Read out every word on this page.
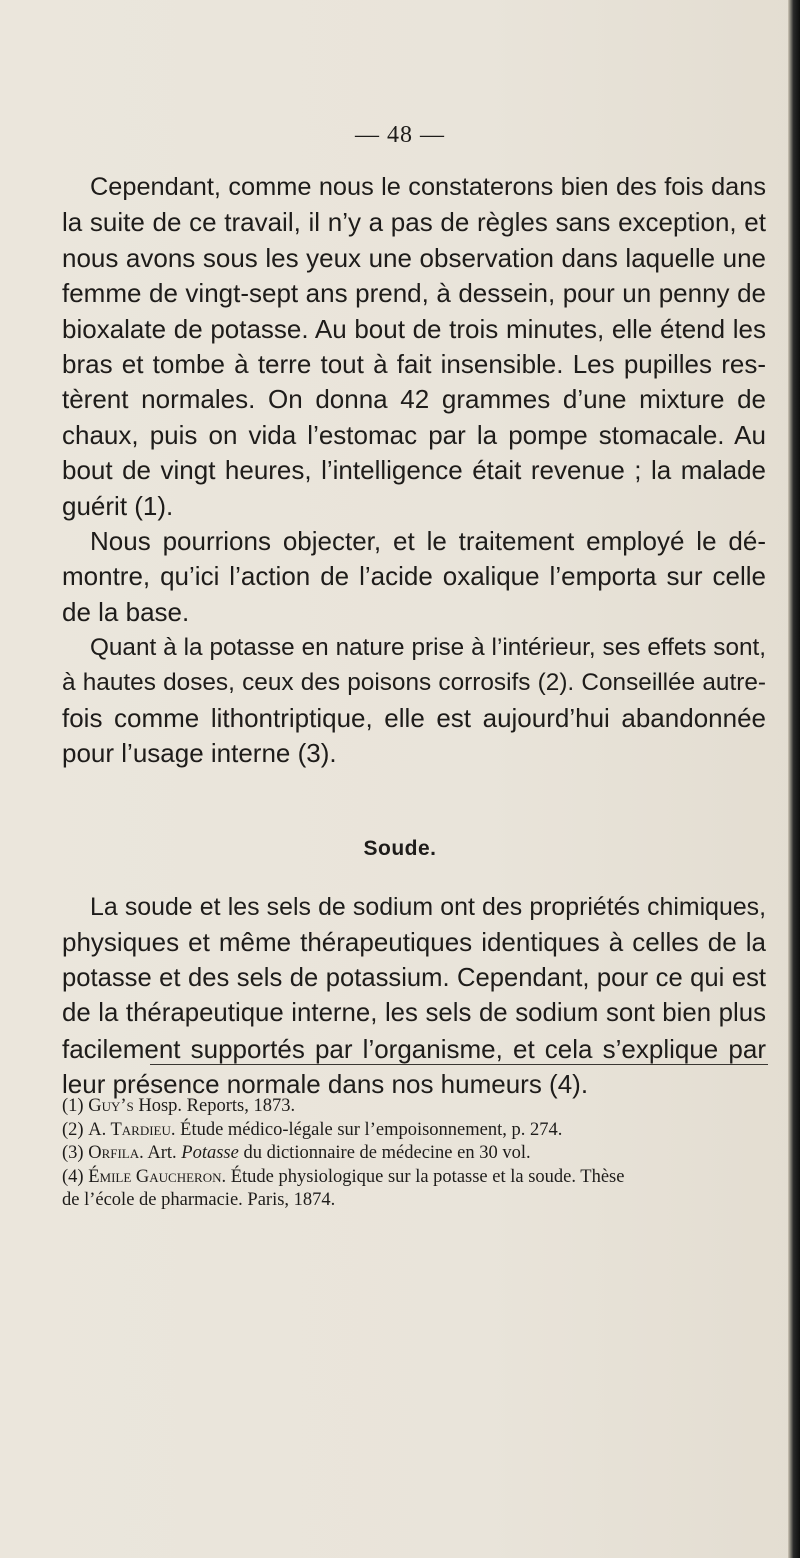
— 48 —
Cependant, comme nous le constaterons bien des fois dans
la suite de ce travail, il n’y a pas de règles sans exception, et
nous avons sous les yeux une observation dans laquelle une
femme de vingt-sept ans prend, à dessein, pour un penny de
bioxalate de potasse. Au bout de trois minutes, elle étend les
bras et tombe à terre tout à fait insensible. Les pupilles res-
tèrent normales. On donna 42 grammes d’une mixture de
chaux, puis on vida l’estomac par la pompe stomacale. Au
bout de vingt heures, l’intelligence était revenue ; la malade
guérit (1).
Nous pourrions objecter, et le traitement employé le dé-
montre, qu’ici l’action de l’acide oxalique l’emporta sur celle
de la base.
Quant à la potasse en nature prise à l’intérieur, ses effets sont,
à hautes doses, ceux des poisons corrosifs (2). Conseillée autre-
fois comme lithontriptique, elle est aujourd’hui abandonnée
pour l’usage interne (3).
Soude.
La soude et les sels de sodium ont des propriétés chimiques,
physiques et même thérapeutiques identiques à celles de la
potasse et des sels de potassium. Cependant, pour ce qui est
de la thérapeutique interne, les sels de sodium sont bien plus
facilement supportés par l’organisme, et cela s’explique par
leur présence normale dans nos humeurs (4).
(1) Guy’s Hosp. Reports, 1873.
(2) A. Tardieu. Étude médico-légale sur l’empoisonnement, p. 274.
(3) Orfila. Art. Potasse du dictionnaire de médecine en 30 vol.
(4) Émile Gaucheron. Étude physiologique sur la potasse et la soude. Thèse
de l’école de pharmacie. Paris, 1874.
